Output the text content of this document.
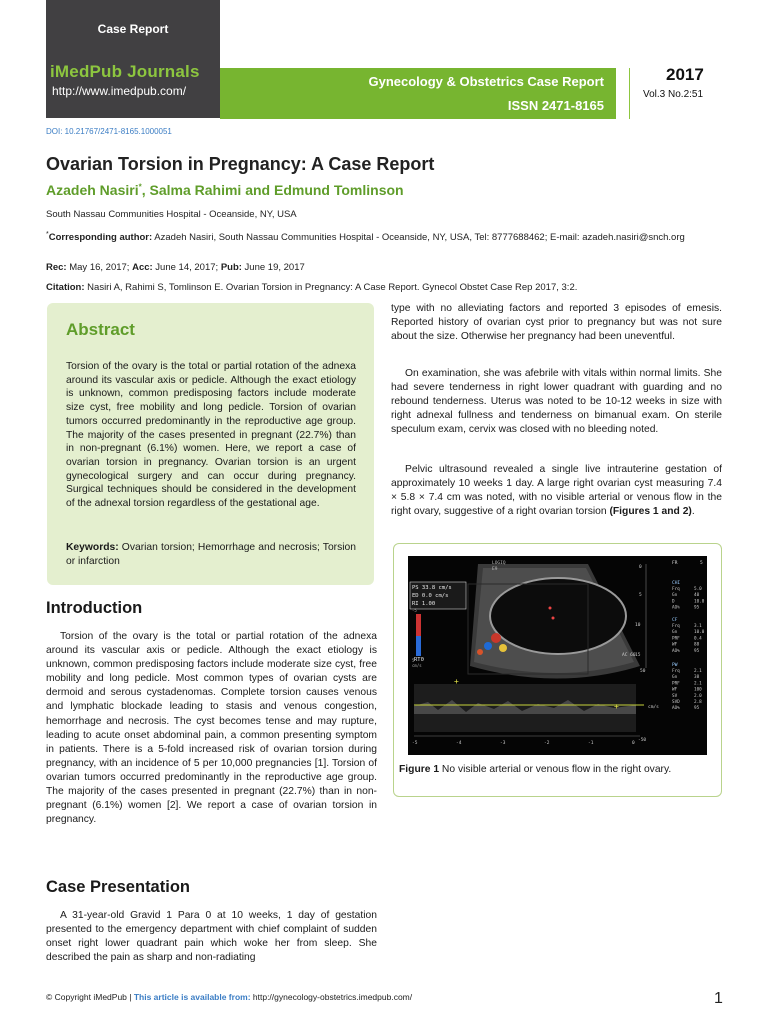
Case Report
iMedPub Journals
http://www.imedpub.com/
Gynecology & Obstetrics Case Report
ISSN 2471-8165
2017
Vol.3 No.2:51
DOI: 10.21767/2471-8165.1000051
Ovarian Torsion in Pregnancy: A Case Report
Azadeh Nasiri*, Salma Rahimi and Edmund Tomlinson
South Nassau Communities Hospital - Oceanside, NY, USA
*Corresponding author: Azadeh Nasiri, South Nassau Communities Hospital - Oceanside, NY, USA, Tel: 8777688462; E-mail: azadeh.nasiri@snch.org
Rec: May 16, 2017; Acc: June 14, 2017; Pub: June 19, 2017
Citation: Nasiri A, Rahimi S, Tomlinson E. Ovarian Torsion in Pregnancy: A Case Report. Gynecol Obstet Case Rep 2017, 3:2.
Abstract
Torsion of the ovary is the total or partial rotation of the adnexa around its vascular axis or pedicle. Although the exact etiology is unknown, common predisposing factors include moderate size cyst, free mobility and long pedicle. Torsion of ovarian tumors occurred predominantly in the reproductive age group. The majority of the cases presented in pregnant (22.7%) than in non-pregnant (6.1%) women. Here, we report a case of ovarian torsion in pregnancy. Ovarian torsion is an urgent gynecological surgery and can occur during pregnancy. Surgical techniques should be considered in the development of the adnexal torsion regardless of the gestational age.
Keywords: Ovarian torsion; Hemorrhage and necrosis; Torsion or infarction
Introduction
Torsion of the ovary is the total or partial rotation of the adnexa around its vascular axis or pedicle. Although the exact etiology is unknown, common predisposing factors include moderate size cyst, free mobility and long pedicle. Most common types of ovarian cysts are dermoid and serous cystadenomas. Complete torsion causes venous and lymphatic blockade leading to stasis and venous congestion, hemorrhage and necrosis. The cyst becomes tense and may rupture, leading to acute onset abdominal pain, a common presenting symptom in patients. There is a 5-fold increased risk of ovarian torsion during pregnancy, with an incidence of 5 per 10,000 pregnancies [1]. Torsion of ovarian tumors occurred predominantly in the reproductive age group. The majority of the cases presented in pregnant (22.7%) than in non-pregnant (6.1%) women [2]. We report a case of ovarian torsion in pregnancy.
Case Presentation
A 31-year-old Gravid 1 Para 0 at 10 weeks, 1 day of gestation presented to the emergency department with chief complaint of sudden onset right lower quadrant pain which woke her from sleep. She described the pain as sharp and non-radiating
type with no alleviating factors and reported 3 episodes of emesis. Reported history of ovarian cyst prior to pregnancy but was not sure about the size. Otherwise her pregnancy had been uneventful.
On examination, she was afebrile with vitals within normal limits. She had severe tenderness in right lower quadrant with guarding and no rebound tenderness. Uterus was noted to be 10-12 weeks in size with right adnexal fullness and tenderness on bimanual exam. On sterile speculum exam, cervix was closed with no bleeding noted.
Pelvic ultrasound revealed a single live intrauterine gestation of approximately 10 weeks 1 day. A large right ovarian cyst measuring 7.4 × 5.8 × 7.4 cm was noted, with no visible arterial or venous flow in the right ovary, suggestive of a right ovarian torsion (Figures 1 and 2).
PS 33.8 cm/s
ED 0.0 cm/s
RI 1.00
LOGIQ
E9
-5
5
cm/s
0
5
10
15
RT0
AC 60
+
+
50
cm/s
-50
-5	-4	-3	-2	-1	0
FR	5
CHI
CF
PW
Frq	5.0
Gn	40
D	10.0
AO%	95
Frq	3.1
Gn	10.0
PRF	0.4
WF	88
AO%	95
Frq	2.1
Gn	38
PRF	2.1
WF	100
SV	2.0
SVD	2.8
AO%	95
Figure 1 No visible arterial or venous flow in the right ovary.
© Copyright iMedPub | This article is available from: http://gynecology-obstetrics.imedpub.com/	1
